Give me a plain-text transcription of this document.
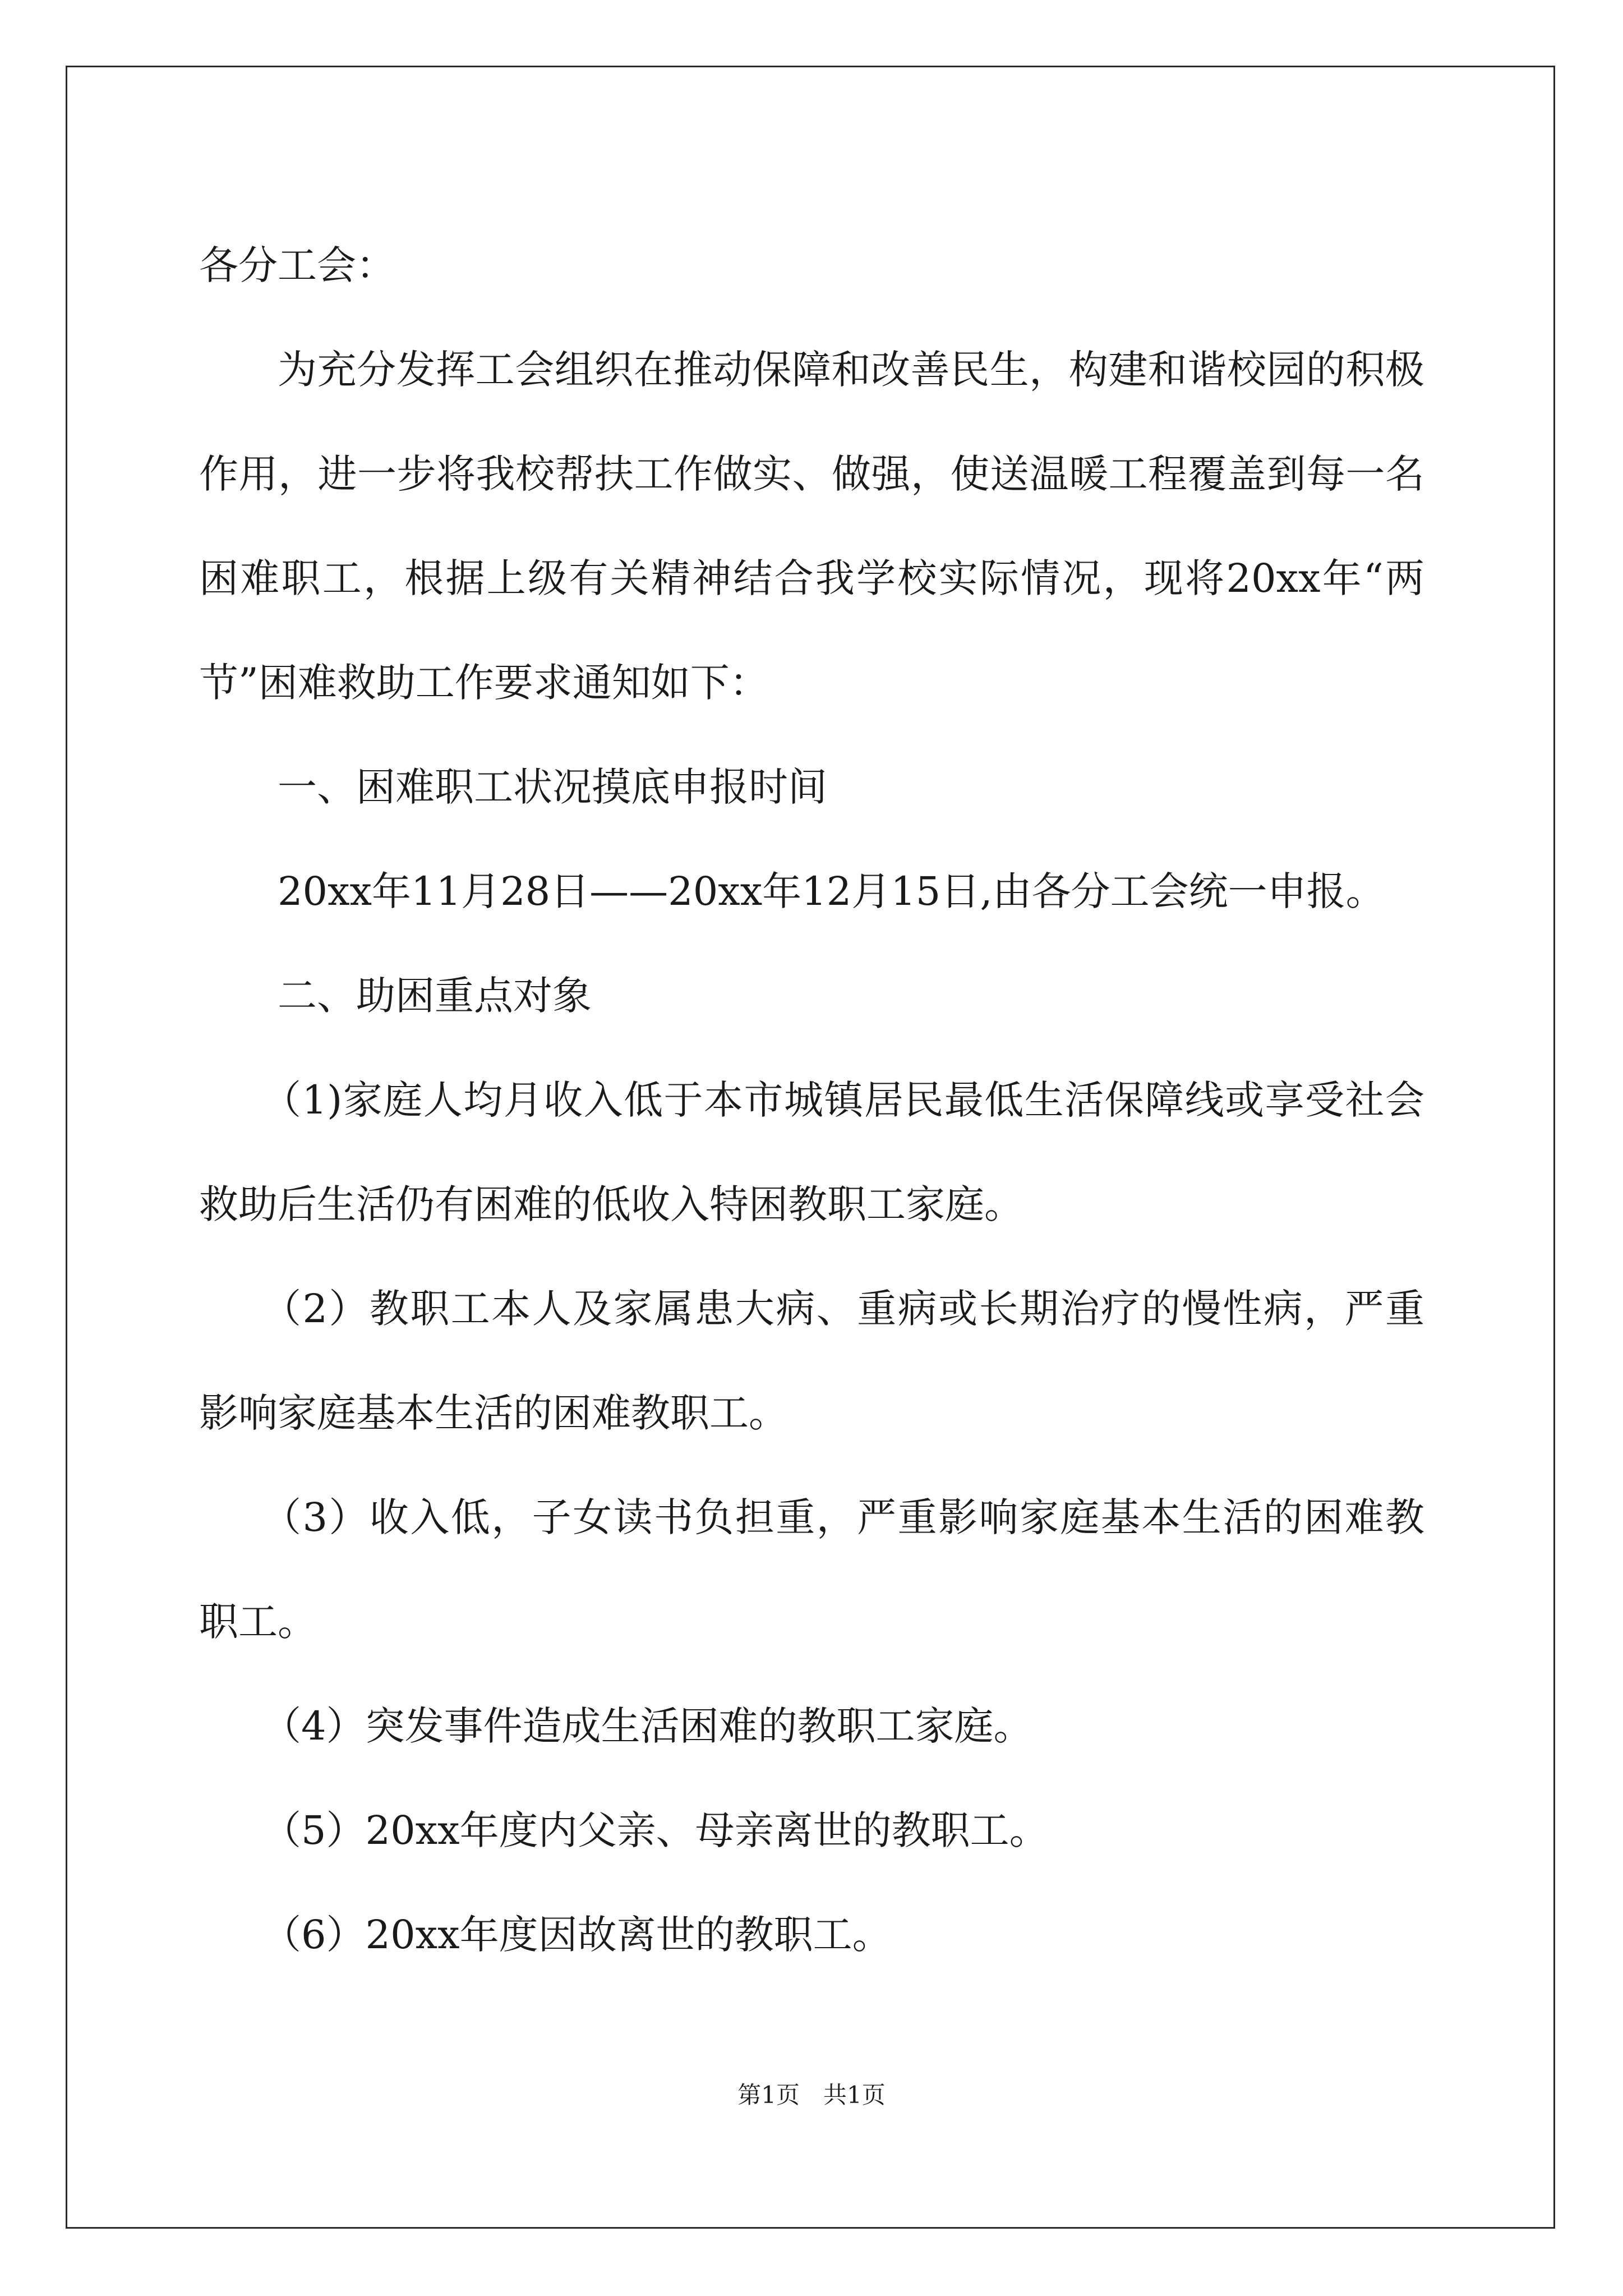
各分工会：

为充分发挥工会组织在推动保障和改善民生，构建和谐校园的积极作用，进一步将我校帮扶工作做实、做强，使送温暖工程覆盖到每一名困难职工，根据上级有关精神结合我学校实际情况，现将20xx年“两节”困难救助工作要求通知如下：

一、困难职工状况摸底申报时间

20xx年11月28日——20xx年12月15日,由各分工会统一申报。

二、助困重点对象

（1)家庭人均月收入低于本市城镇居民最低生活保障线或享受社会救助后生活仍有困难的低收入特困教职工家庭。

（2）教职工本人及家属患大病、重病或长期治疗的慢性病，严重影响家庭基本生活的困难教职工。

（3）收入低，子女读书负担重，严重影响家庭基本生活的困难教职工。

（4）突发事件造成生活困难的教职工家庭。

（5）20xx年度内父亲、母亲离世的教职工。

（6）20xx年度因故离世的教职工。

第1页　共1页
